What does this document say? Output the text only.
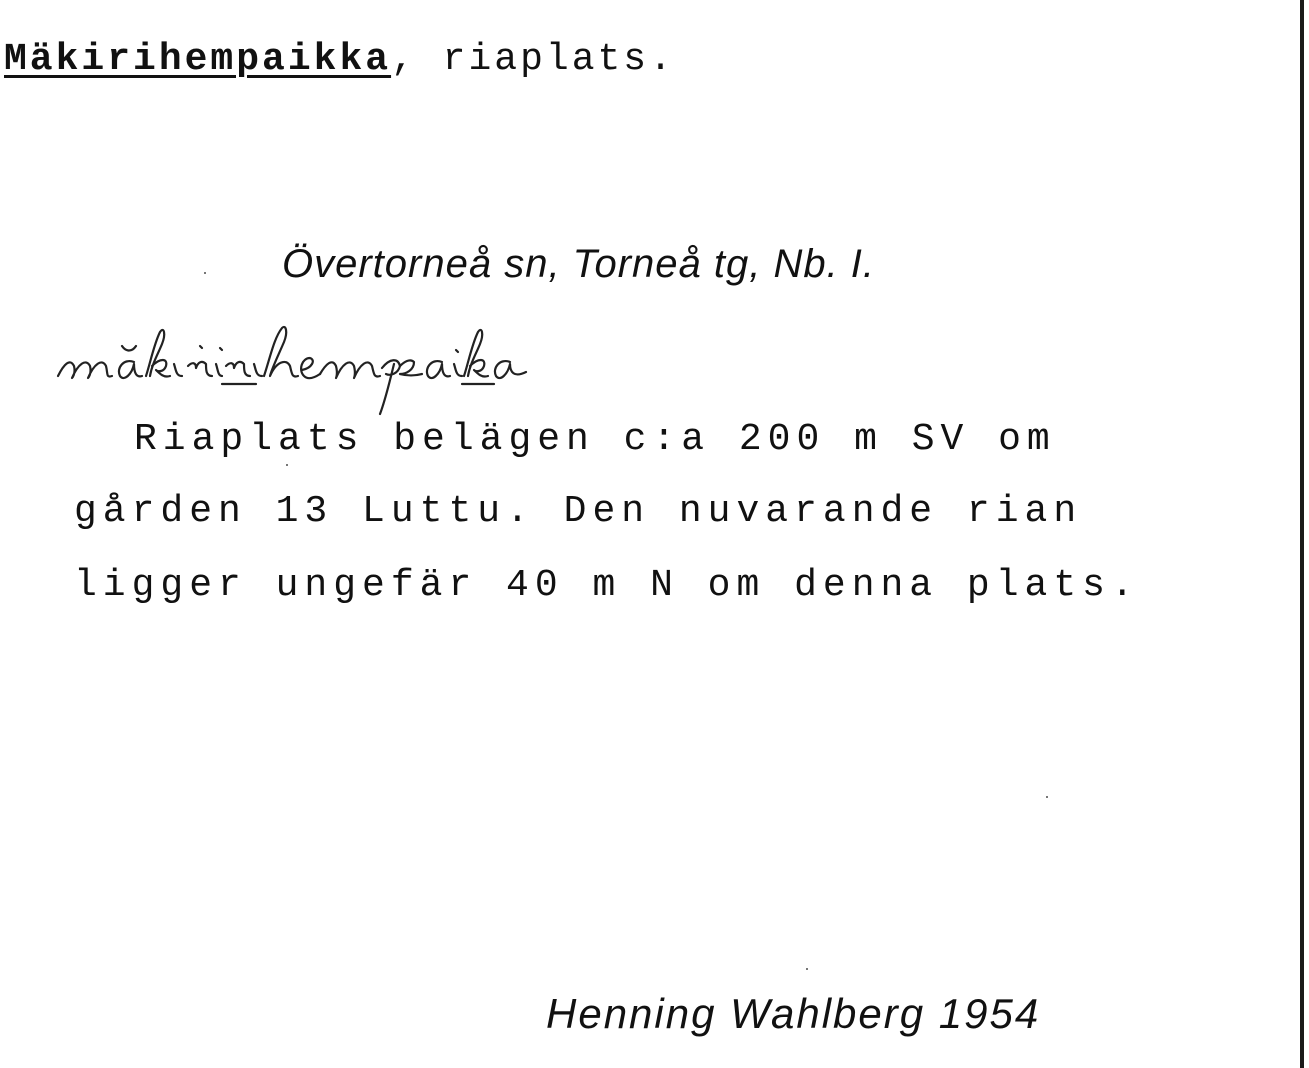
Mäkirihempaikka, riaplats.
Övertorneå sn, Torneå tg, Nb. I.
Riaplats belägen c:a 200 m SV om
gården 13 Luttu. Den nuvarande rian
ligger ungefär 40 m N om denna plats.
Henning Wahlberg 1954
